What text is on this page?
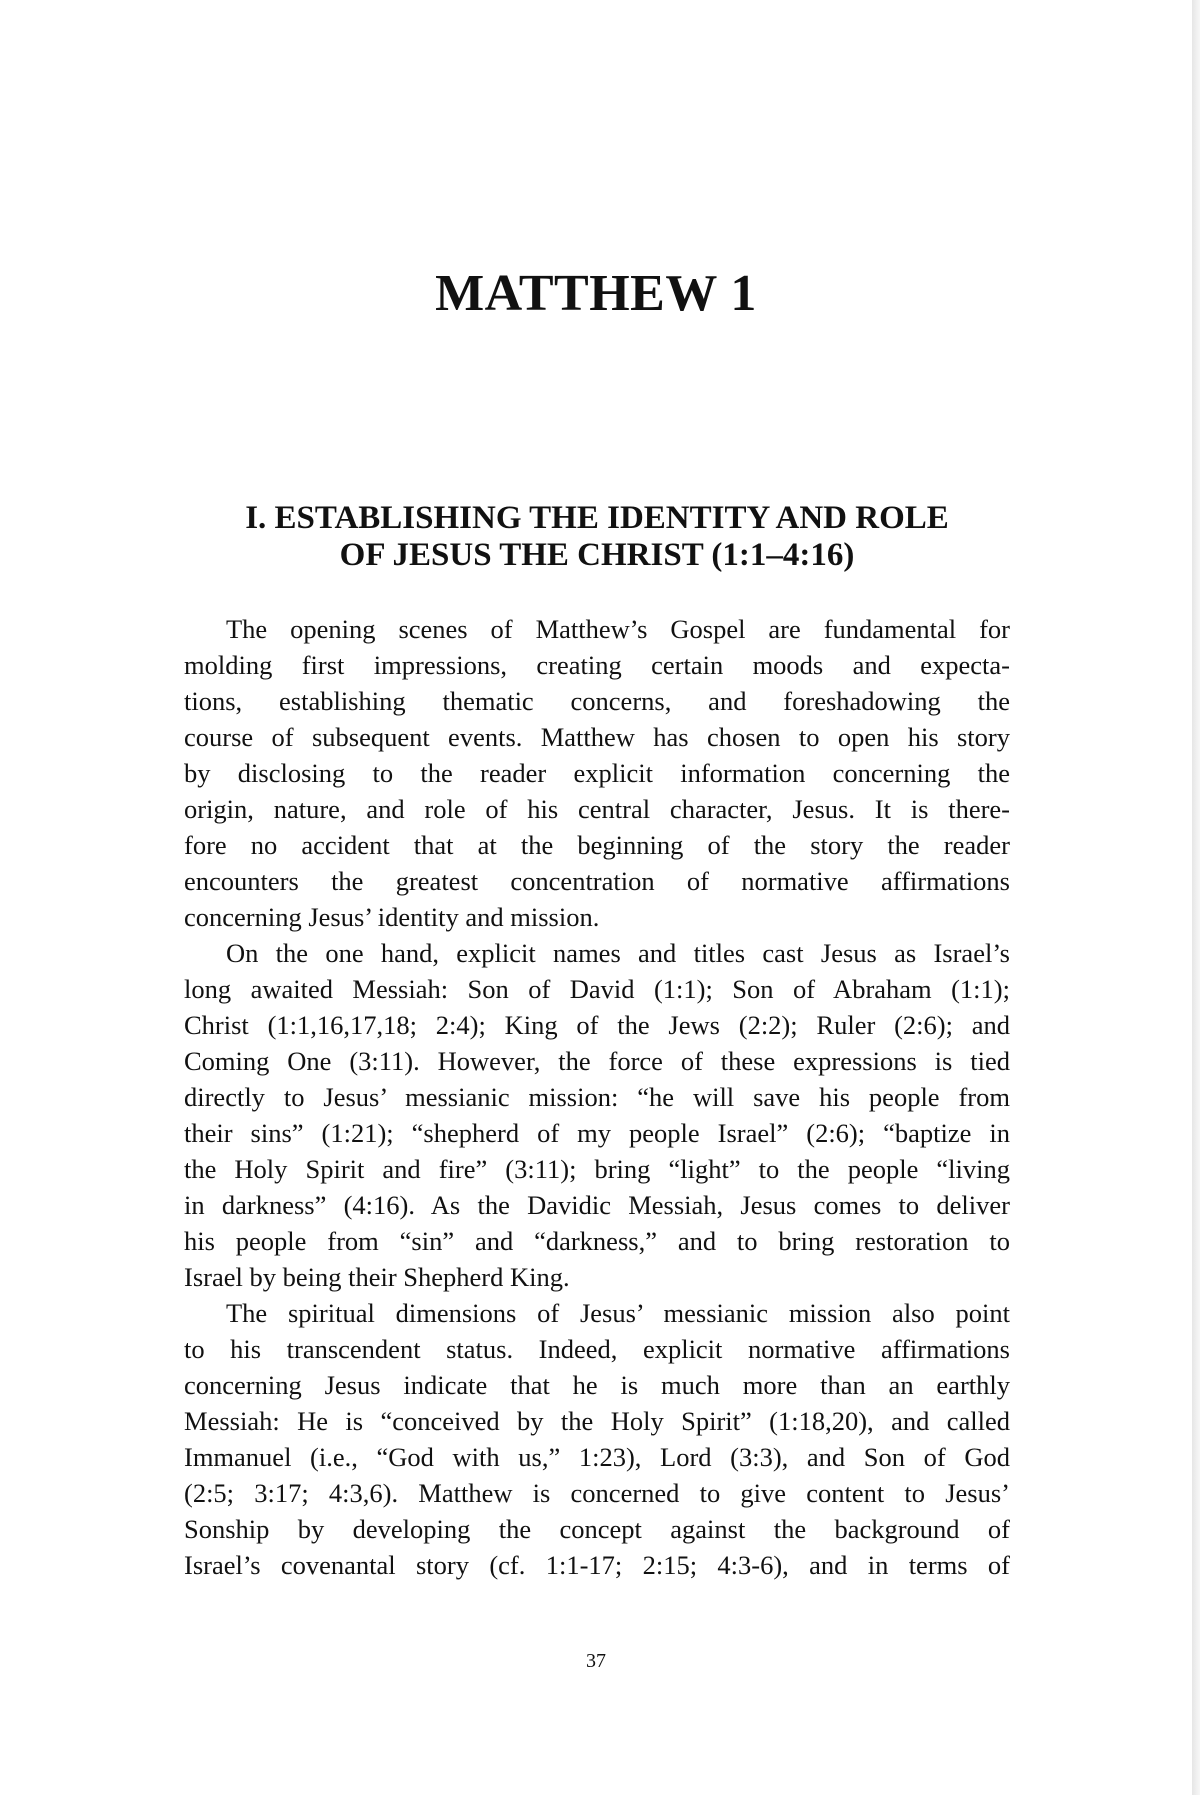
MATTHEW 1
I. ESTABLISHING THE IDENTITY AND ROLE
OF JESUS THE CHRIST (1:1–4:16)
The opening scenes of Matthew’s Gospel are fundamental for
molding first impressions, creating certain moods and expecta-
tions, establishing thematic concerns, and foreshadowing the
course of subsequent events. Matthew has chosen to open his story
by disclosing to the reader explicit information concerning the
origin, nature, and role of his central character, Jesus. It is there-
fore no accident that at the beginning of the story the reader
encounters the greatest concentration of normative affirmations
concerning Jesus’ identity and mission.
On the one hand, explicit names and titles cast Jesus as Israel’s
long awaited Messiah: Son of David (1:1); Son of Abraham (1:1);
Christ (1:1,16,17,18; 2:4); King of the Jews (2:2); Ruler (2:6); and
Coming One (3:11). However, the force of these expressions is tied
directly to Jesus’ messianic mission: “he will save his people from
their sins” (1:21); “shepherd of my people Israel” (2:6); “baptize in
the Holy Spirit and fire” (3:11); bring “light” to the people “living
in darkness” (4:16). As the Davidic Messiah, Jesus comes to deliver
his people from “sin” and “darkness,” and to bring restoration to
Israel by being their Shepherd King.
The spiritual dimensions of Jesus’ messianic mission also point
to his transcendent status. Indeed, explicit normative affirmations
concerning Jesus indicate that he is much more than an earthly
Messiah: He is “conceived by the Holy Spirit” (1:18,20), and called
Immanuel (i.e., “God with us,” 1:23), Lord (3:3), and Son of God
(2:5; 3:17; 4:3,6). Matthew is concerned to give content to Jesus’
Sonship by developing the concept against the background of
Israel’s covenantal story (cf. 1:1-17; 2:15; 4:3-6), and in terms of
37
